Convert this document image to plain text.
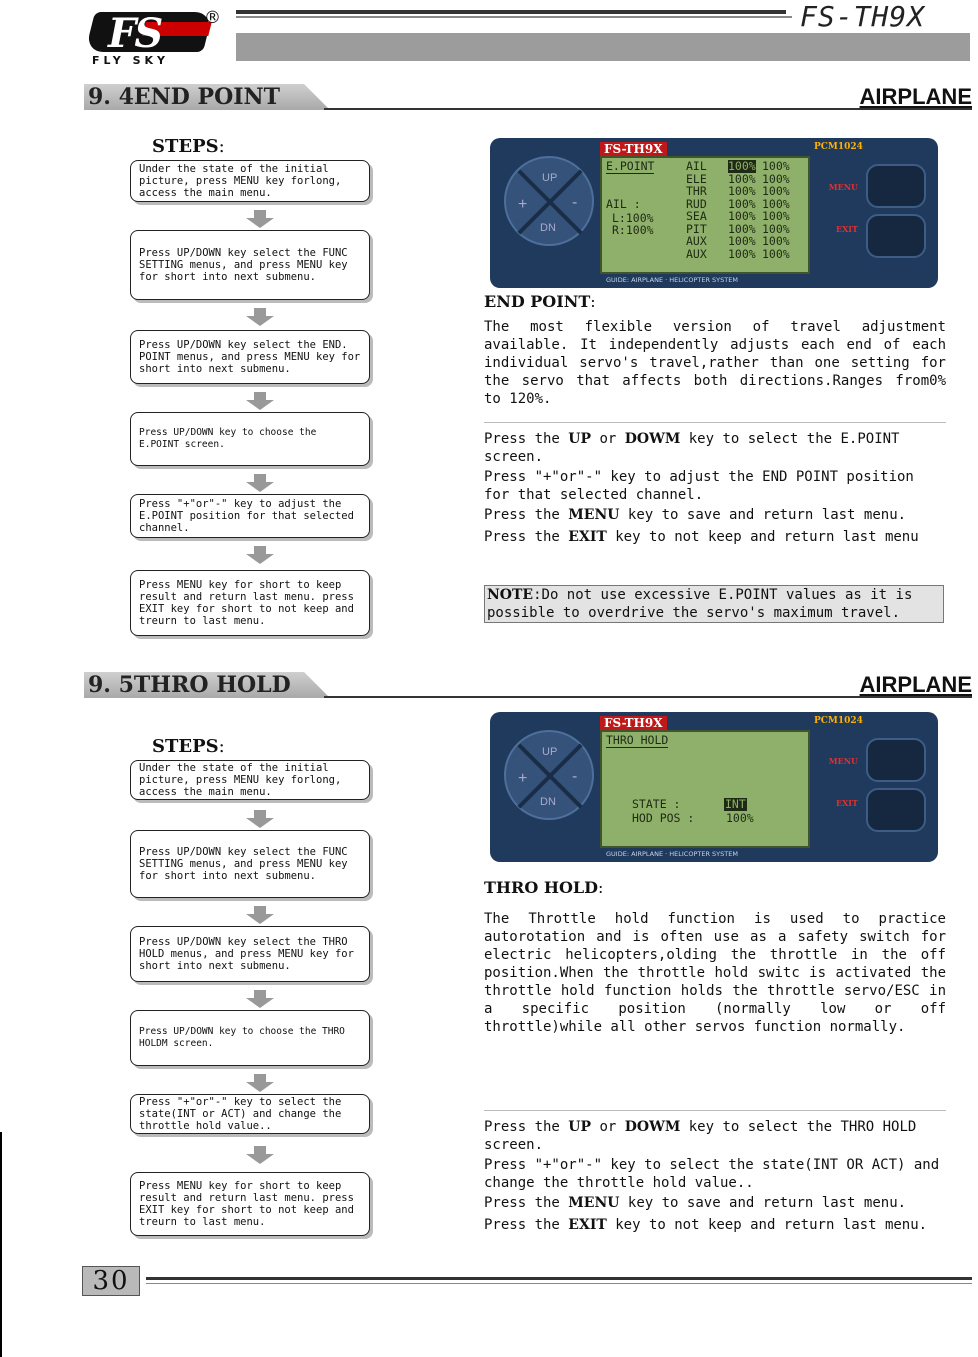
FS
FLY SKY
®	FS-TH9X
9. 4END POINT	AIRPLANE
STEPS:
Under the state of the initial picture, press MENU key forlong, access the main menu.
Press UP/DOWN key select the FUNC SETTING menus, and press MENU key for short into next submenu.
Press UP/DOWN key select the END. POINT menus, and press MENU key for short into next submenu.
Press UP/DOWN key to choose the E.POINT screen.
Press "+"or"-" key to adjust the E.POINT position for that selected channel.
Press MENU key for short to keep result and return last menu. press EXIT key for short to not keep and treurn to last menu.
UP
DN
+	-
FS-TH9X	PCM1024
E.POINT
AIL :
L:100%
R:100%
AIL 100% 100%
ELE 100% 100%
THR 100% 100%
RUD 100% 100%
SEA 100% 100%
PIT 100% 100%
AUX 100% 100%
AUX 100% 100%
MENU
EXIT
GUIDE: AIRPLANE · HELICOPTER SYSTEM
END POINT:
The most flexible version of travel adjustment available. It independently adjusts each end of each individual servo's travel,rather than one setting for the servo that affects both directions.Ranges from0% to 120%.
Press the UP or DOWM key to select the E.POINT screen.
Press "+"or"-" key to adjust the END POINT position for that selected channel.
Press the MENU key to save and return last menu.
Press the EXIT key to not keep and return last menu
NOTE:Do not use excessive E.POINT values as it is possible to overdrive the servo's maximum travel.
9. 5THRO HOLD	AIRPLANE
STEPS:
Under the state of the initial picture, press MENU key forlong, access the main menu.
Press UP/DOWN key select the FUNC SETTING menus, and press MENU key for short into next submenu.
Press UP/DOWN key select the THRO HOLD menus, and press MENU key for short into next submenu.
Press UP/DOWN key to choose the THRO HOLDM screen.
Press "+"or"-" key to select the state(INT or ACT) and change the throttle hold value..
Press MENU key for short to keep result and return last menu. press EXIT key for short to not keep and treurn to last menu.
UP
DN
+	-
FS-TH9X	PCM1024
THRO HOLD
STATE :	INT
HOD POS :	100%
MENU
EXIT
GUIDE: AIRPLANE · HELICOPTER SYSTEM
THRO HOLD:
The Throttle hold function is used to practice autorotation and is often use as a safety switch for electric helicopters,olding the throttle in the off position.When the throttle hold switc is activated the throttle hold function holds the throttle servo/ESC in a specific position (normally low or off throttle)while all other servos function normally.
Press the UP or DOWM key to select the THRO HOLD screen.
Press "+"or"-" key to select the state(INT OR ACT) and change the throttle hold value..
Press the MENU key to save and return last menu.
Press the EXIT key to not keep and return last menu.
30
